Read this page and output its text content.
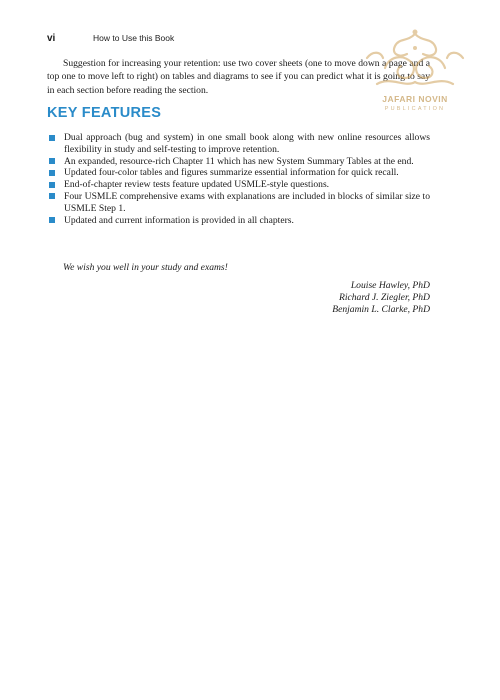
vi	How to Use this Book

Suggestion for increasing your retention: use two cover sheets (one to move down a page and a top one to move left to right) on tables and diagrams to see if you can predict what it is going to say in each section before reading the section.

KEY FEATURES
Dual approach (bug and system) in one small book along with new online resources allows flexibility in study and self-testing to improve retention.
An expanded, resource-rich Chapter 11 which has new System Summary Tables at the end.
Updated four-color tables and figures summarize essential information for quick recall.
End-of-chapter review tests feature updated USMLE-style questions.
Four USMLE comprehensive exams with explanations are included in blocks of similar size to USMLE Step 1.
Updated and current information is provided in all chapters.

We wish you well in your study and exams!

Louise Hawley, PhD
Richard J. Ziegler, PhD
Benjamin L. Clarke, PhD
JAFARI NOVIN
PUBLICATION
